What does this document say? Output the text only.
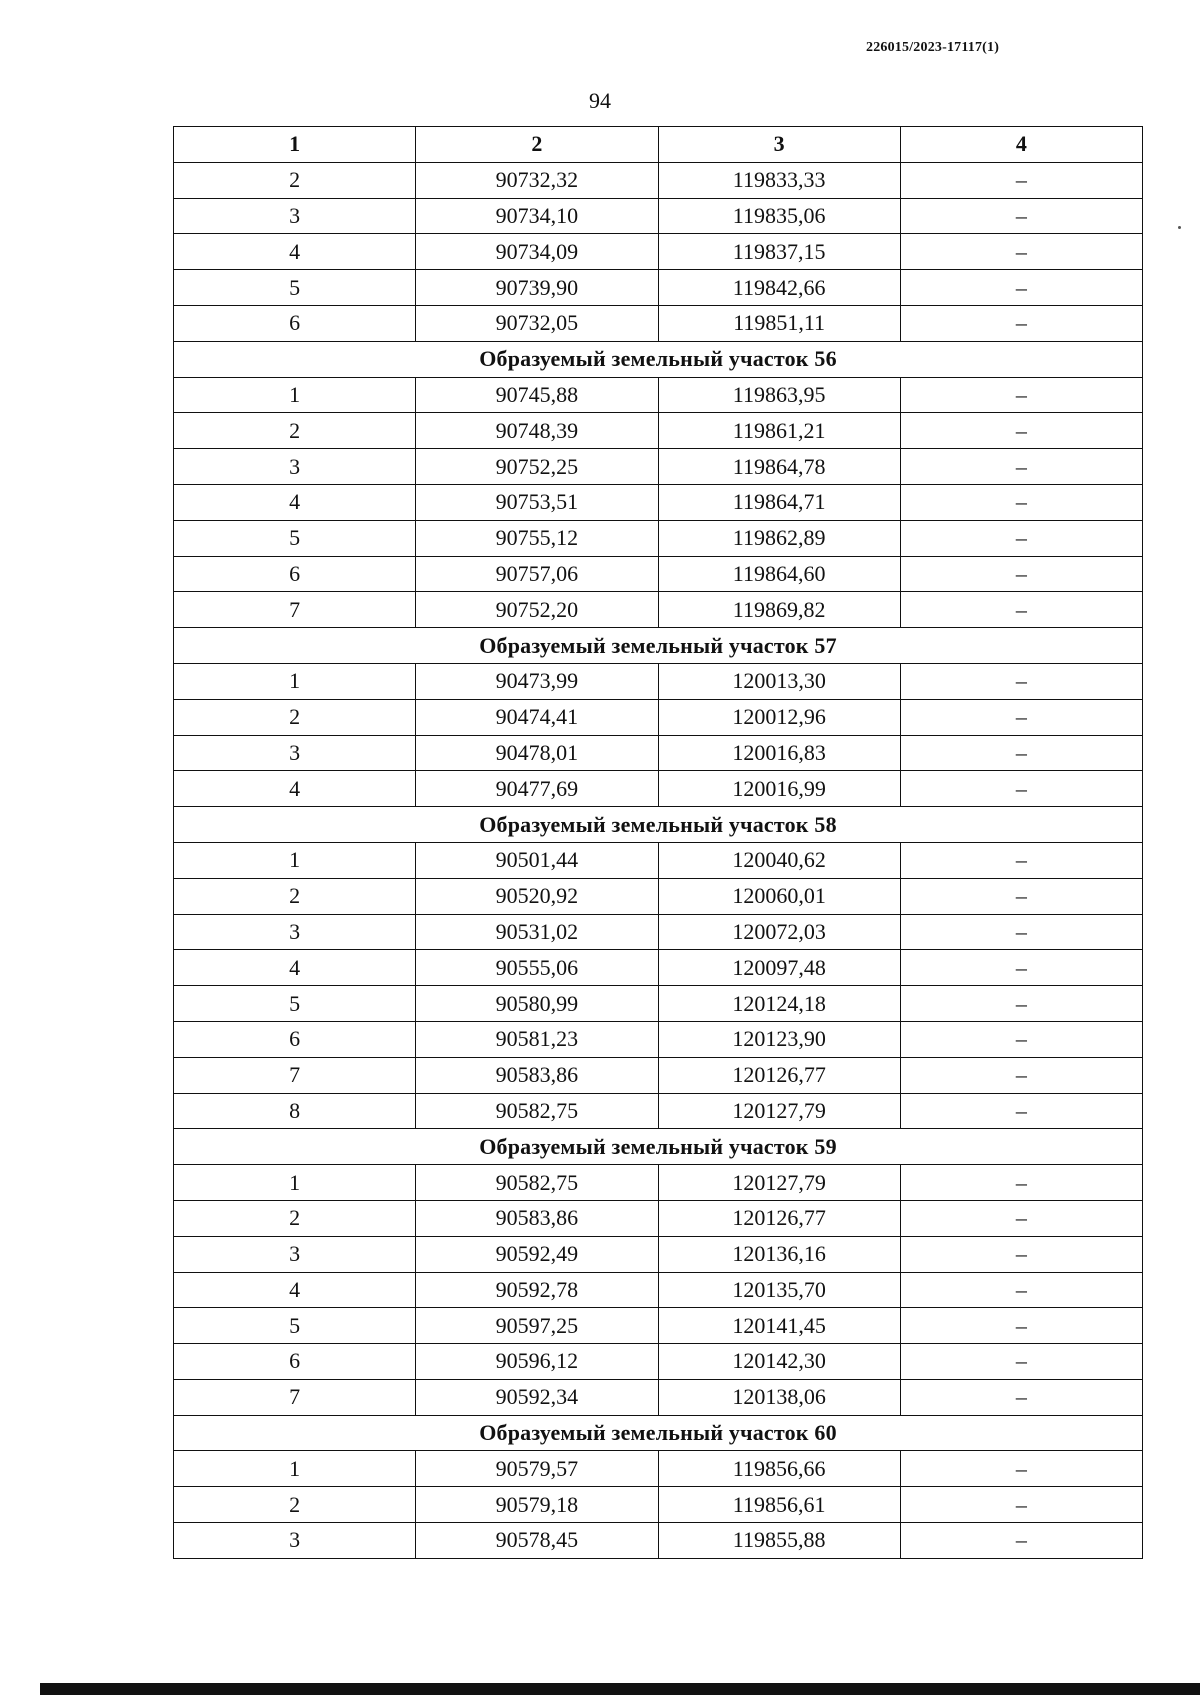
226015/2023-17117(1)
94
1	2	3	4
2	90732,32	119833,33	–
3	90734,10	119835,06	–
4	90734,09	119837,15	–
5	90739,90	119842,66	–
6	90732,05	119851,11	–
Образуемый земельный участок 56			
1	90745,88	119863,95	–
2	90748,39	119861,21	–
3	90752,25	119864,78	–
4	90753,51	119864,71	–
5	90755,12	119862,89	–
6	90757,06	119864,60	–
7	90752,20	119869,82	–
Образуемый земельный участок 57			
1	90473,99	120013,30	–
2	90474,41	120012,96	–
3	90478,01	120016,83	–
4	90477,69	120016,99	–
Образуемый земельный участок 58			
1	90501,44	120040,62	–
2	90520,92	120060,01	–
3	90531,02	120072,03	–
4	90555,06	120097,48	–
5	90580,99	120124,18	–
6	90581,23	120123,90	–
7	90583,86	120126,77	–
8	90582,75	120127,79	–
Образуемый земельный участок 59			
1	90582,75	120127,79	–
2	90583,86	120126,77	–
3	90592,49	120136,16	–
4	90592,78	120135,70	–
5	90597,25	120141,45	–
6	90596,12	120142,30	–
7	90592,34	120138,06	–
Образуемый земельный участок 60			
1	90579,57	119856,66	–
2	90579,18	119856,61	–
3	90578,45	119855,88	–
